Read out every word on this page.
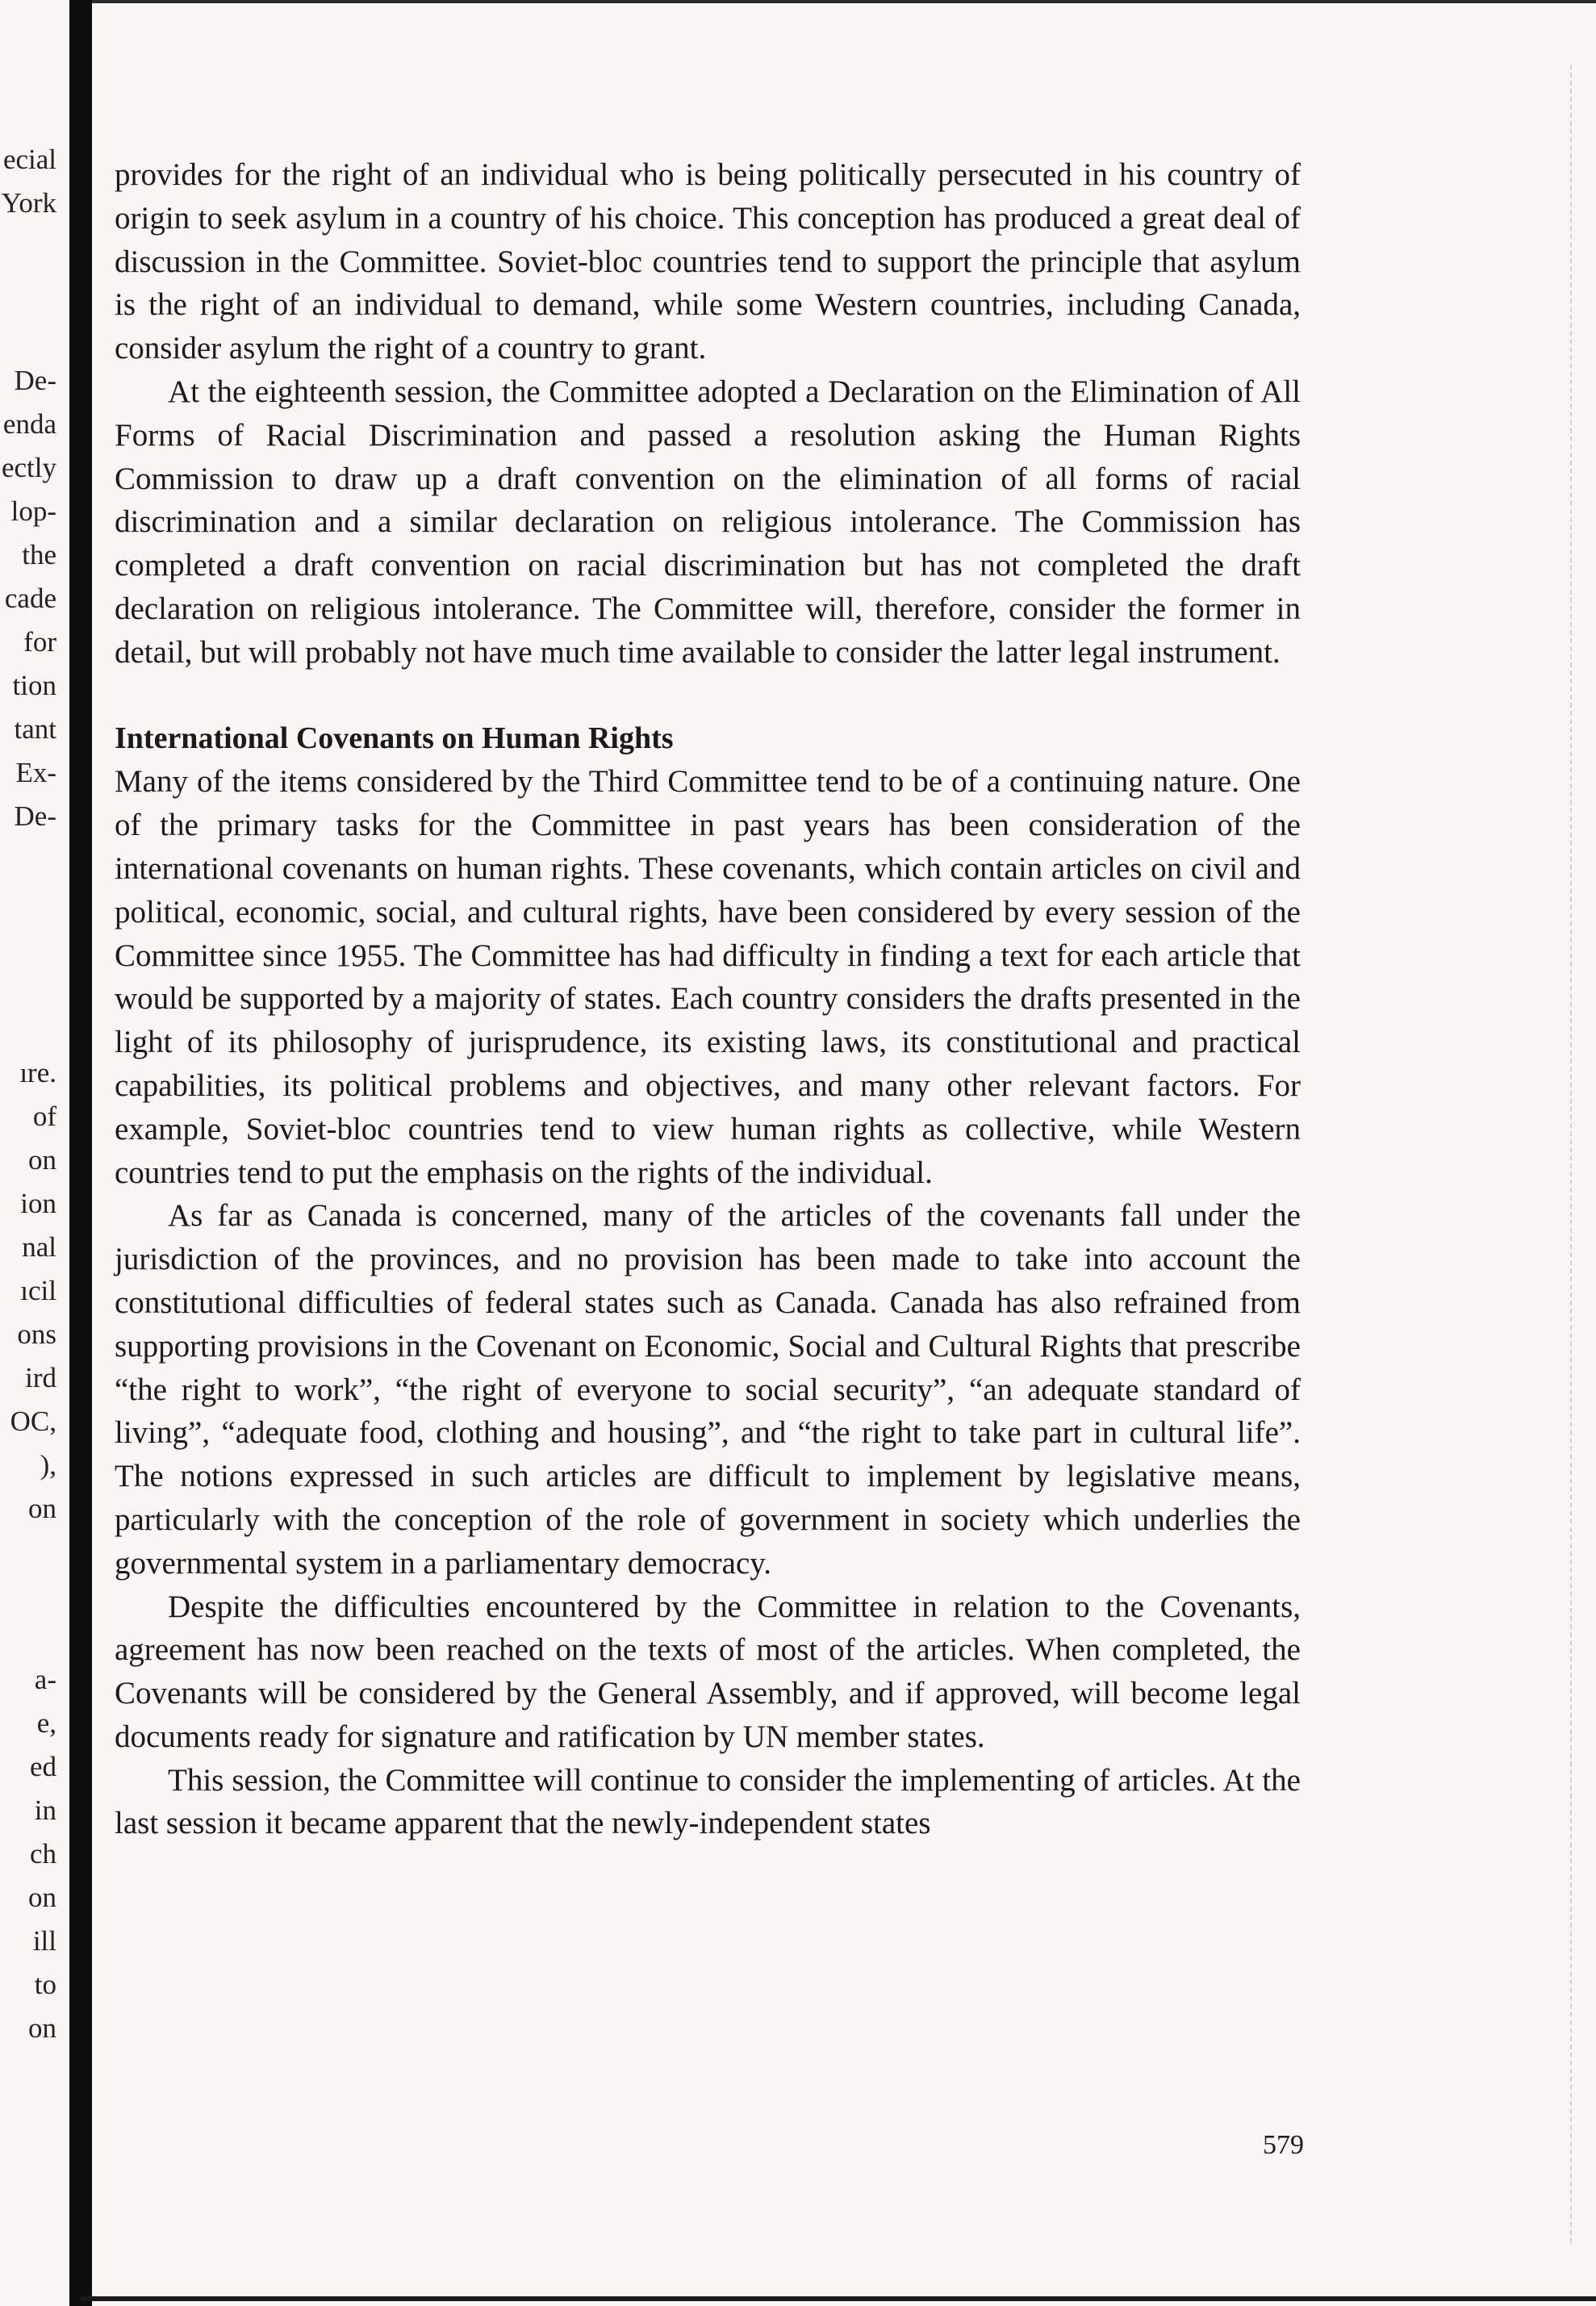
ecial
York
De-
enda
ectly
lop-
the
cade
for
tion
tant
Ex-
De-
ıre.
of
on
ion
nal
ıcil
ons
ird
OC,
),
on
a-
e,
ed
in
ch
on
ill
to
on

provides for the right of an individual who is being politically persecuted in his country of origin to seek asylum in a country of his choice. This conception has produced a great deal of discussion in the Committee. Soviet-bloc countries tend to support the principle that asylum is the right of an individual to demand, while some Western countries, including Canada, consider asylum the right of a country to grant.

At the eighteenth session, the Committee adopted a Declaration on the Elimination of All Forms of Racial Discrimination and passed a resolution asking the Human Rights Commission to draw up a draft convention on the elimination of all forms of racial discrimination and a similar declaration on religious intolerance. The Commission has completed a draft convention on racial discrimination but has not completed the draft declaration on religious intolerance. The Committee will, therefore, consider the former in detail, but will probably not have much time available to consider the latter legal instrument.

International Covenants on Human Rights

Many of the items considered by the Third Committee tend to be of a continuing nature. One of the primary tasks for the Committee in past years has been consideration of the international covenants on human rights. These covenants, which contain articles on civil and political, economic, social, and cultural rights, have been considered by every session of the Committee since 1955. The Committee has had difficulty in finding a text for each article that would be supported by a majority of states. Each country considers the drafts presented in the light of its philosophy of jurisprudence, its existing laws, its constitutional and practical capabilities, its political problems and objectives, and many other relevant factors. For example, Soviet-bloc countries tend to view human rights as collective, while Western countries tend to put the emphasis on the rights of the individual.

As far as Canada is concerned, many of the articles of the covenants fall under the jurisdiction of the provinces, and no provision has been made to take into account the constitutional difficulties of federal states such as Canada. Canada has also refrained from supporting provisions in the Covenant on Economic, Social and Cultural Rights that prescribe “the right to work”, “the right of everyone to social security”, “an adequate standard of living”, “adequate food, clothing and housing”, and “the right to take part in cultural life”. The notions expressed in such articles are difficult to implement by legislative means, particularly with the conception of the role of government in society which underlies the governmental system in a parliamentary democracy.

Despite the difficulties encountered by the Committee in relation to the Covenants, agreement has now been reached on the texts of most of the articles. When completed, the Covenants will be considered by the General Assembly, and if approved, will become legal documents ready for signature and ratification by UN member states.

This session, the Committee will continue to consider the implementing of articles. At the last session it became apparent that the newly-independent states

579
